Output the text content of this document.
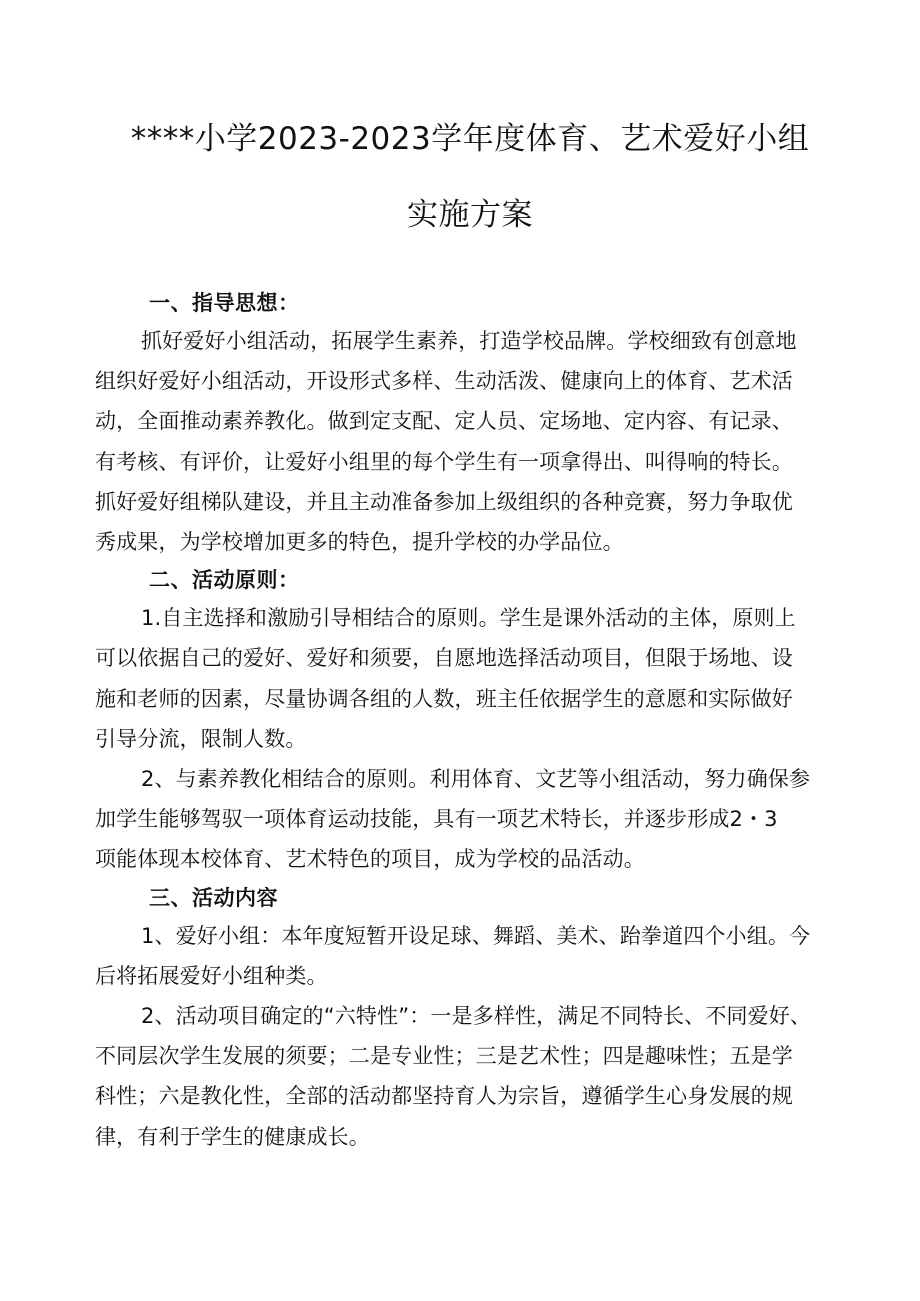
****小学2023-2023学年度体育、艺术爱好小组
实施方案
一、指导思想：
抓好爱好小组活动，拓展学生素养，打造学校品牌。学校细致有创意地
组织好爱好小组活动，开设形式多样、生动活泼、健康向上的体育、艺术活
动，全面推动素养教化。做到定支配、定人员、定场地、定内容、有记录、
有考核、有评价，让爱好小组里的每个学生有一项拿得出、叫得响的特长。
抓好爱好组梯队建设，并且主动准备参加上级组织的各种竞赛，努力争取优
秀成果，为学校增加更多的特色，提升学校的办学品位。
二、活动原则：
1.自主选择和激励引导相结合的原则。学生是课外活动的主体，原则上
可以依据自己的爱好、爱好和须要，自愿地选择活动项目，但限于场地、设
施和老师的因素，尽量协调各组的人数，班主任依据学生的意愿和实际做好
引导分流，限制人数。
2、与素养教化相结合的原则。利用体育、文艺等小组活动，努力确保参
加学生能够驾驭一项体育运动技能，具有一项艺术特长，并逐步形成2・3
项能体现本校体育、艺术特色的项目，成为学校的品活动。
三、活动内容
1、爱好小组：本年度短暂开设足球、舞蹈、美术、跆拳道四个小组。今
后将拓展爱好小组种类。
2、活动项目确定的“六特性”：一是多样性，满足不同特长、不同爱好、
不同层次学生发展的须要；二是专业性；三是艺术性；四是趣味性；五是学
科性；六是教化性，全部的活动都坚持育人为宗旨，遵循学生心身发展的规
律，有利于学生的健康成长。
